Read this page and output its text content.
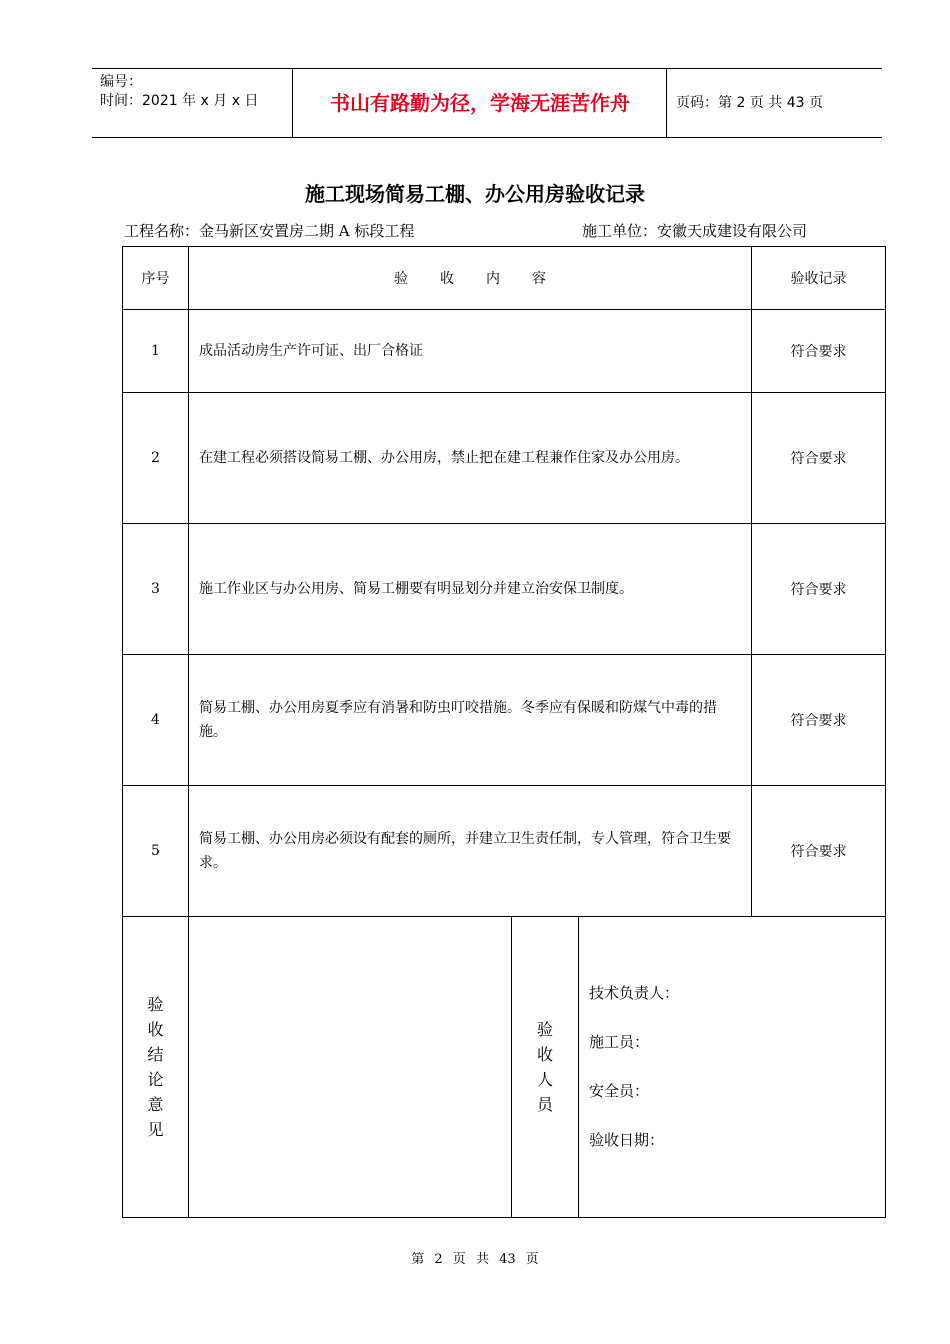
编号：
时间：2021 年 x 月 x 日	书山有路勤为径，学海无涯苦作舟	页码：第 2 页 共 43 页
施工现场简易工棚、办公用房验收记录
工程名称：金马新区安置房二期 A 标段工程	施工单位：安徽天成建设有限公司
序号	验收内容			验收记录
1	成品活动房生产许可证、出厂合格证			符合要求
2	在建工程必须搭设简易工棚、办公用房，禁止把在建工程兼作住家及办公用房。			符合要求
3	施工作业区与办公用房、简易工棚要有明显划分并建立治安保卫制度。			符合要求
4	简易工棚、办公用房夏季应有消暑和防虫叮咬措施。冬季应有保暖和防煤气中毒的措施。			符合要求
5	简易工棚、办公用房必须设有配套的厕所，并建立卫生责任制，专人管理，符合卫生要求。			符合要求

验收结论意见		验收人员	技术负责人：
施工员：
安全员：
验收日期：	
第 2 页 共 43 页
